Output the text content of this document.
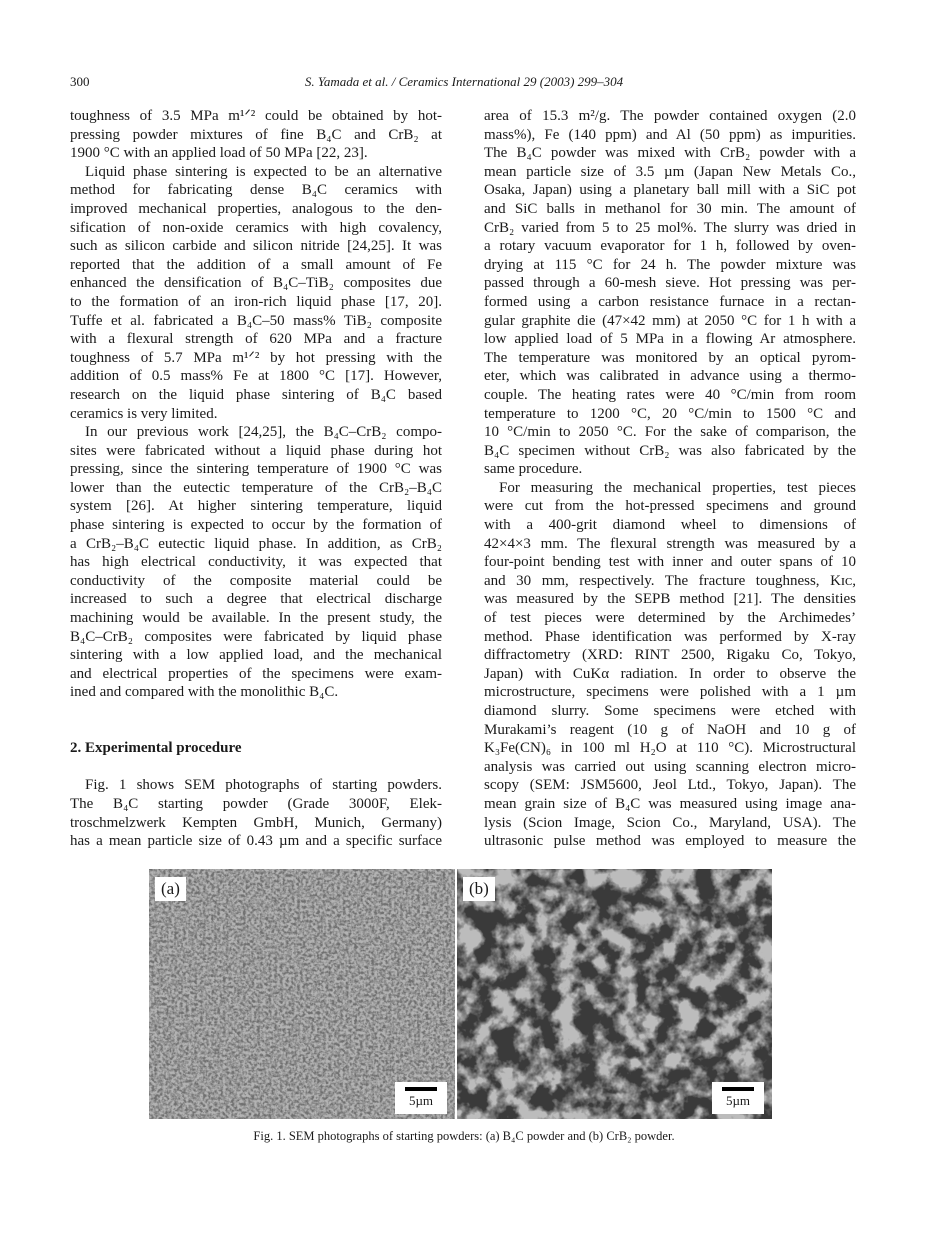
300	S. Yamada et al. / Ceramics International 29 (2003) 299–304
toughness of 3.5 MPa m¹ᐟ² could be obtained by hot-
pressing powder mixtures of fine B₄C and CrB₂ at
1900 °C with an applied load of 50 MPa [22, 23].
Liquid phase sintering is expected to be an alternative
method for fabricating dense B₄C ceramics with
improved mechanical properties, analogous to the den-
sification of non-oxide ceramics with high covalency,
such as silicon carbide and silicon nitride [24,25]. It was
reported that the addition of a small amount of Fe
enhanced the densification of B₄C–TiB₂ composites due
to the formation of an iron-rich liquid phase [17, 20].
Tuffe et al. fabricated a B₄C–50 mass% TiB₂ composite
with a flexural strength of 620 MPa and a fracture
toughness of 5.7 MPa m¹ᐟ² by hot pressing with the
addition of 0.5 mass% Fe at 1800 °C [17]. However,
research on the liquid phase sintering of B₄C based
ceramics is very limited.
In our previous work [24,25], the B₄C–CrB₂ compo-
sites were fabricated without a liquid phase during hot
pressing, since the sintering temperature of 1900 °C was
lower than the eutectic temperature of the CrB₂–B₄C
system [26]. At higher sintering temperature, liquid
phase sintering is expected to occur by the formation of
a CrB₂–B₄C eutectic liquid phase. In addition, as CrB₂
has high electrical conductivity, it was expected that
conductivity of the composite material could be
increased to such a degree that electrical discharge
machining would be available. In the present study, the
B₄C–CrB₂ composites were fabricated by liquid phase
sintering with a low applied load, and the mechanical
and electrical properties of the specimens were exam-
ined and compared with the monolithic B₄C.
2. Experimental procedure
Fig. 1 shows SEM photographs of starting powders.
The B₄C starting powder (Grade 3000F, Elek-
troschmelzwerk Kempten GmbH, Munich, Germany)
has a mean particle size of 0.43 µm and a specific surface
area of 15.3 m²/g. The powder contained oxygen (2.0
mass%), Fe (140 ppm) and Al (50 ppm) as impurities.
The B₄C powder was mixed with CrB₂ powder with a
mean particle size of 3.5 µm (Japan New Metals Co.,
Osaka, Japan) using a planetary ball mill with a SiC pot
and SiC balls in methanol for 30 min. The amount of
CrB₂ varied from 5 to 25 mol%. The slurry was dried in
a rotary vacuum evaporator for 1 h, followed by oven-
drying at 115 °C for 24 h. The powder mixture was
passed through a 60-mesh sieve. Hot pressing was per-
formed using a carbon resistance furnace in a rectan-
gular graphite die (47×42 mm) at 2050 °C for 1 h with a
low applied load of 5 MPa in a flowing Ar atmosphere.
The temperature was monitored by an optical pyrom-
eter, which was calibrated in advance using a thermo-
couple. The heating rates were 40 °C/min from room
temperature to 1200 °C, 20 °C/min to 1500 °C and
10 °C/min to 2050 °C. For the sake of comparison, the
B₄C specimen without CrB₂ was also fabricated by the
same procedure.
For measuring the mechanical properties, test pieces
were cut from the hot-pressed specimens and ground
with a 400-grit diamond wheel to dimensions of
42×4×3 mm. The flexural strength was measured by a
four-point bending test with inner and outer spans of 10
and 30 mm, respectively. The fracture toughness, Kɪᴄ,
was measured by the SEPB method [21]. The densities
of test pieces were determined by the Archimedes’
method. Phase identification was performed by X-ray
diffractometry (XRD: RINT 2500, Rigaku Co, Tokyo,
Japan) with CuKα radiation. In order to observe the
microstructure, specimens were polished with a 1 µm
diamond slurry. Some specimens were etched with
Murakami’s reagent (10 g of NaOH and 10 g of
K₃Fe(CN)₆ in 100 ml H₂O at 110 °C). Microstructural
analysis was carried out using scanning electron micro-
scopy (SEM: JSM5600, Jeol Ltd., Tokyo, Japan). The
mean grain size of B₄C was measured using image ana-
lysis (Scion Image, Scion Co., Maryland, USA). The
ultrasonic pulse method was employed to measure the
(a)
5µm
(b)
5µm
Fig. 1. SEM photographs of starting powders: (a) B₄C powder and (b) CrB₂ powder.
